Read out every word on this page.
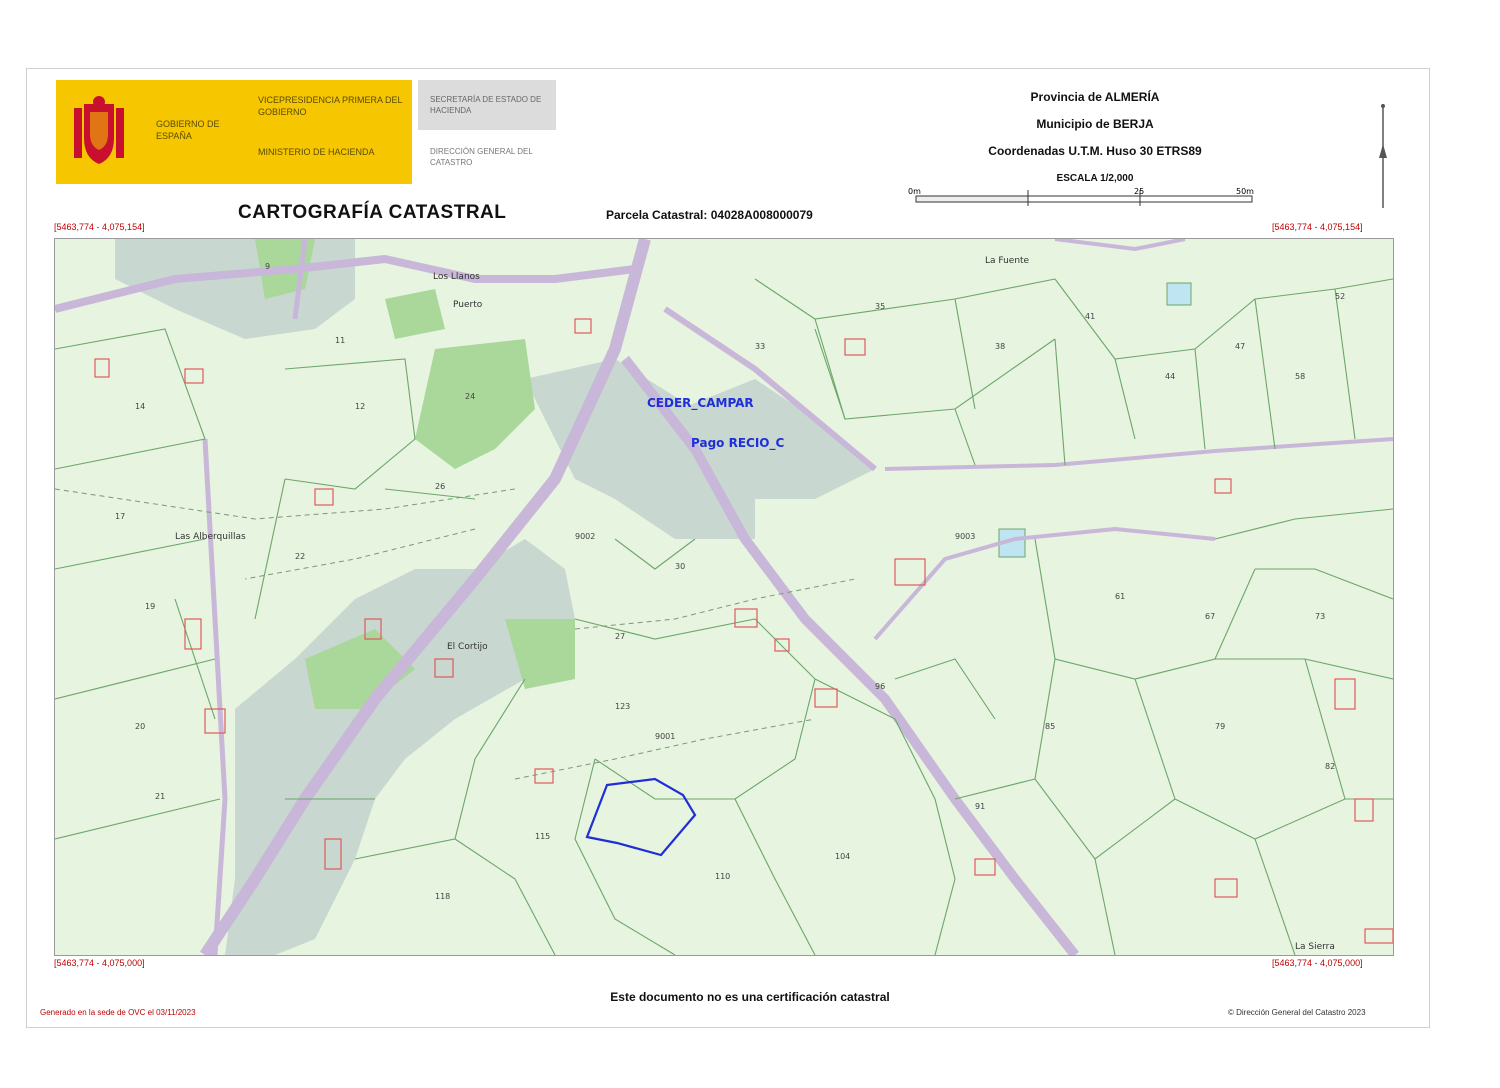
GOBIERNO DE ESPAÑA
VICEPRESIDENCIA PRIMERA DEL GOBIERNO
MINISTERIO DE HACIENDA
SECRETARÍA DE ESTADO DE HACIENDA
DIRECCIÓN GENERAL DEL CATASTRO
CARTOGRAFÍA CATASTRAL	Parcela Catastral: 04028A008000079
Provincia de ALMERÍA
Municipio de BERJA
Coordenadas U.T.M. Huso 30 ETRS89
ESCALA 1/2,000
0m	25	50m
[5463,774 - 4,075,154]	[5463,774 - 4,075,154]
[5463,774 - 4,075,000]	[5463,774 - 4,075,000]
CEDER_CAMPAR
Pago RECIO_C
Los Llanos
La Fuente
El Cortijo
Las Alberquillas
La Sierra
Puerto
9
11
12
14
17
19
20
21
22
24
26
27
30
33
35
38
41
44
47
52
58
61
67	73
79
82
85
91
96
104
110
115
118
123
9001
9002	9003
Este documento no es una certificación catastral
Generado en la sede de OVC el 03/11/2023	© Dirección General del Catastro 2023
